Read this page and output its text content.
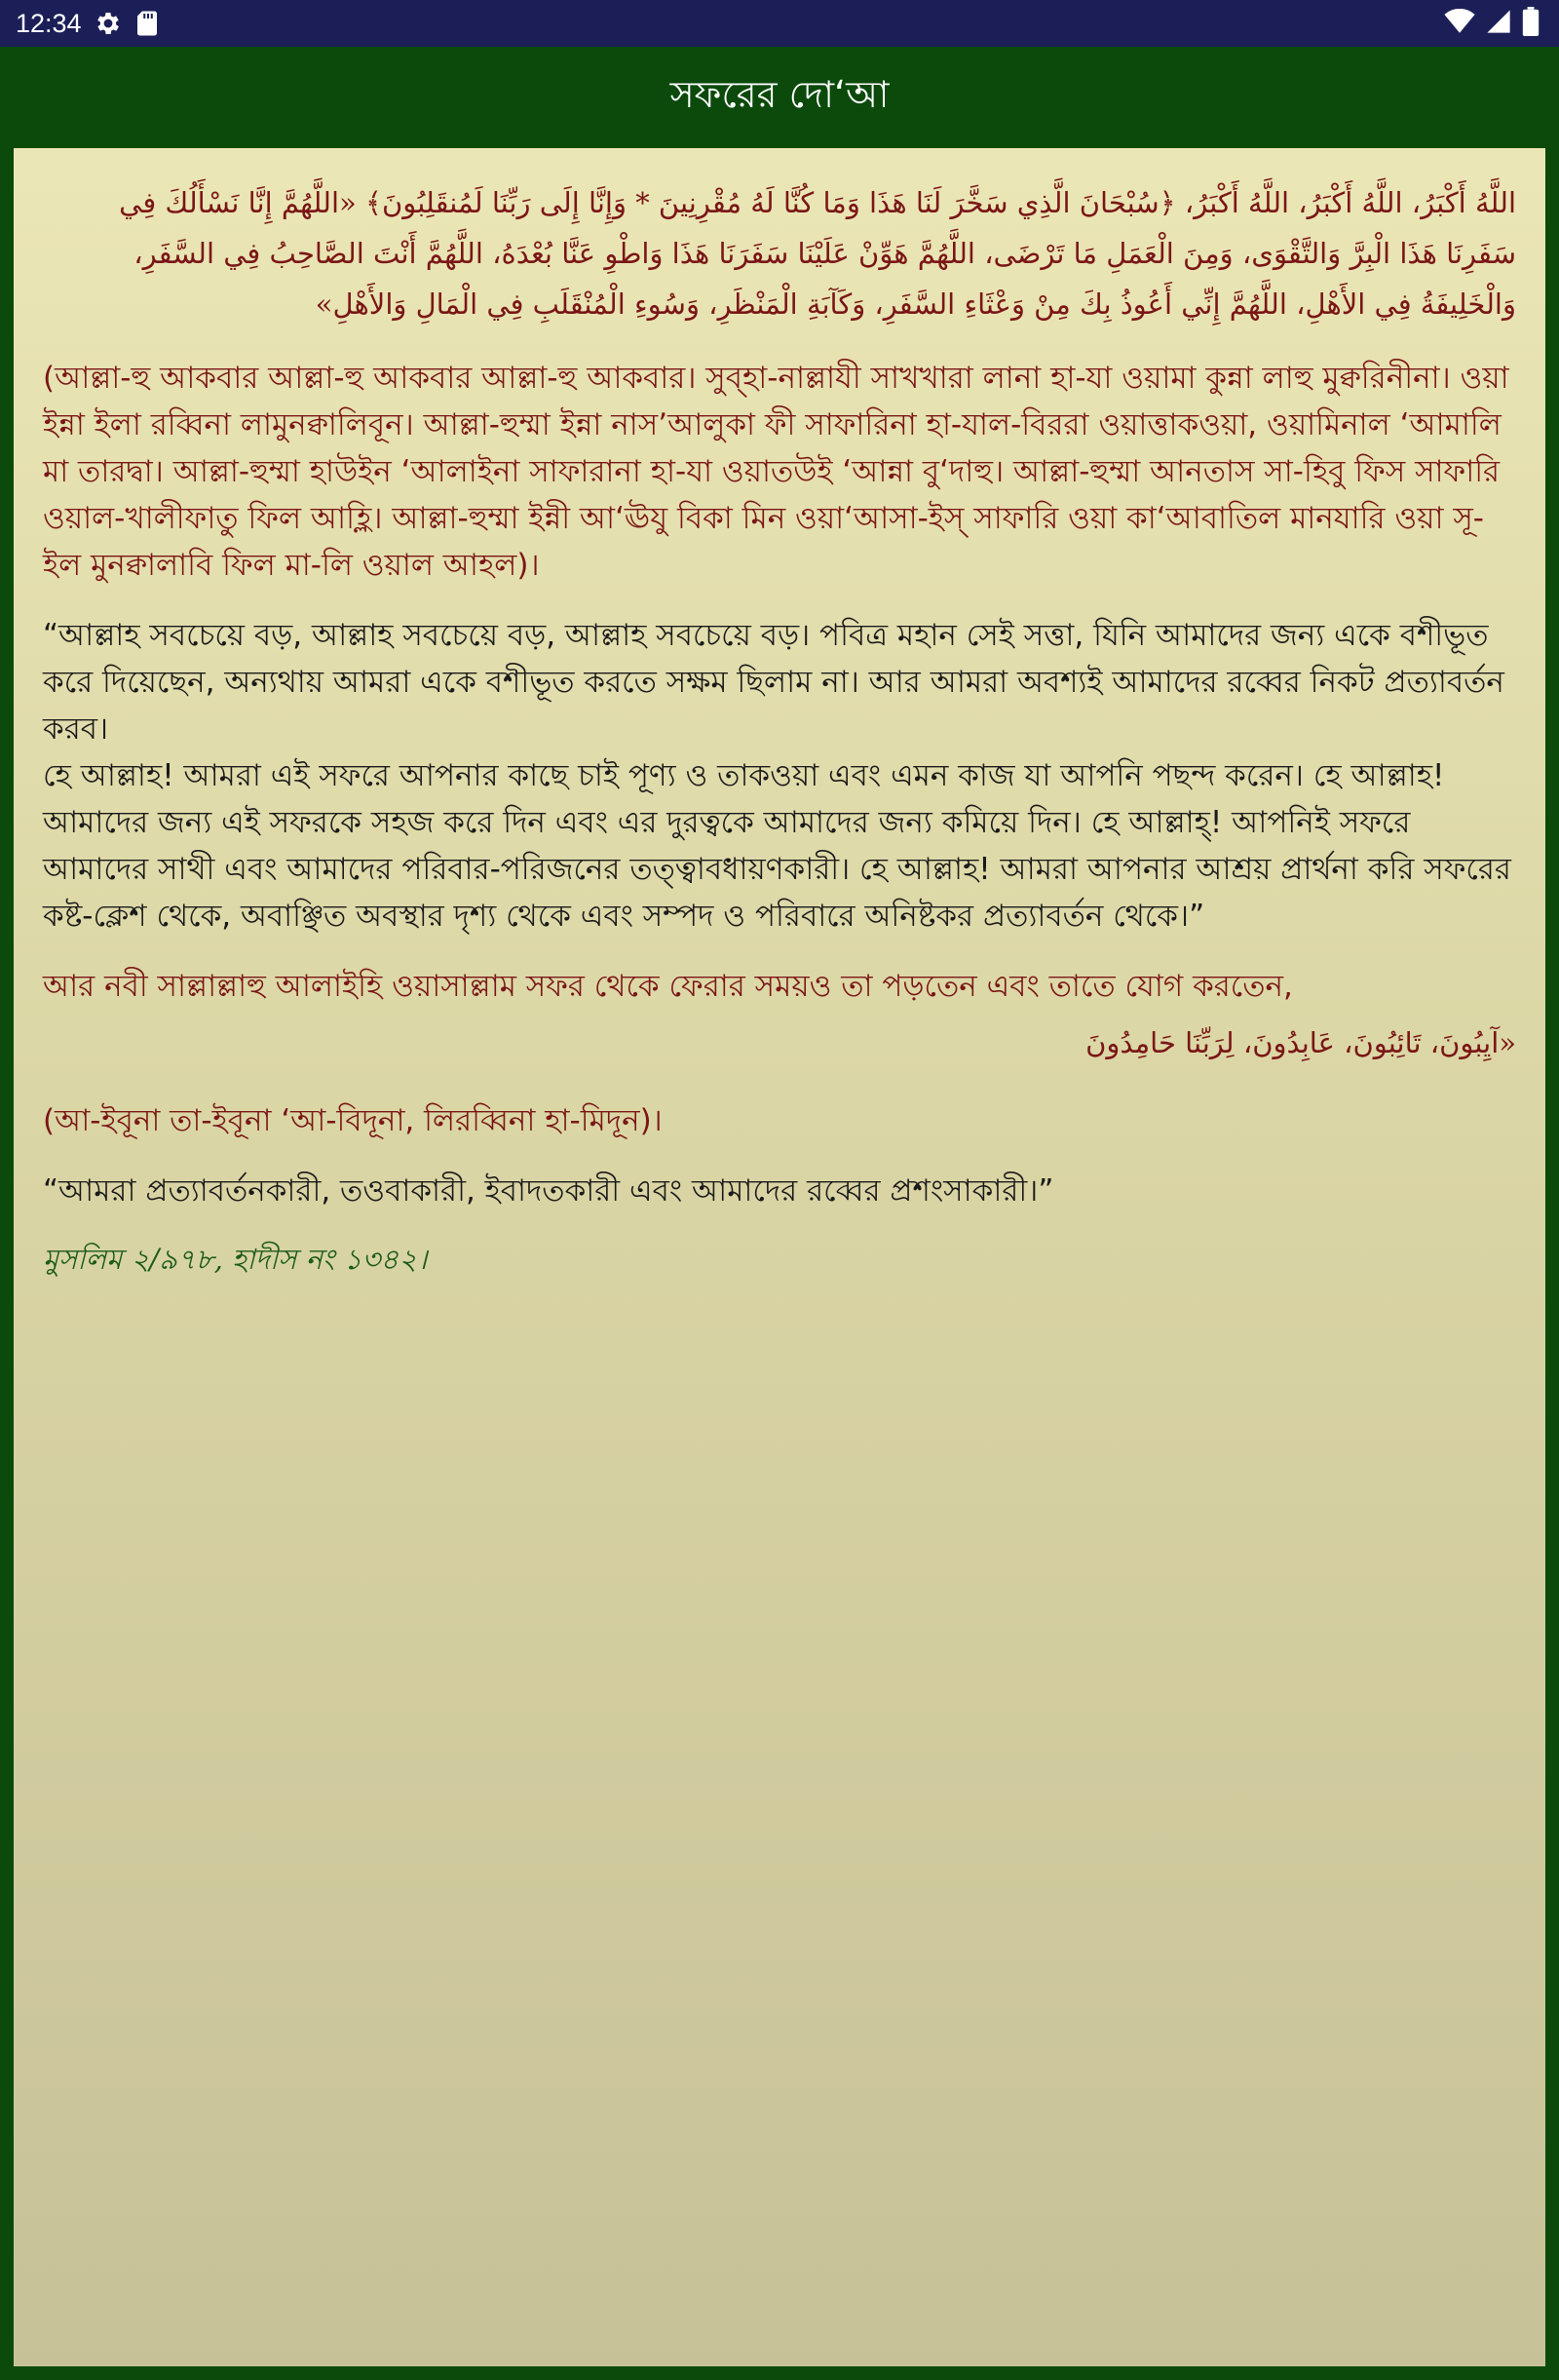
12:34
সফরের দো‘আ

اللَّهُ أَكْبَرُ، اللَّهُ أَكْبَرُ، اللَّهُ أَكْبَرُ، ﴿سُبْحَانَ الَّذِي سَخَّرَ لَنَا هَذَا وَمَا كُنَّا لَهُ مُقْرِنِينَ * وَإِنَّا إِلَى رَبِّنَا لَمُنقَلِبُونَ﴾ «اللَّهُمَّ إِنَّا نَسْأَلُكَ فِي سَفَرِنَا هَذَا الْبِرَّ وَالتَّقْوَى، وَمِنَ الْعَمَلِ مَا تَرْضَى، اللَّهُمَّ هَوِّنْ عَلَيْنَا سَفَرَنَا هَذَا وَاطْوِ عَنَّا بُعْدَهُ، اللَّهُمَّ أَنْتَ الصَّاحِبُ فِي السَّفَرِ، وَالْخَلِيفَةُ فِي الأَهْلِ، اللَّهُمَّ إِنِّي أَعُوذُ بِكَ مِنْ وَعْثَاءِ السَّفَرِ، وَكَآبَةِ الْمَنْظَرِ، وَسُوءِ الْمُنْقَلَبِ فِي الْمَالِ وَالأَهْلِ»

(আল্লা-হু আকবার আল্লা-হু আকবার আল্লা-হু আকবার। সুব্হা-নাল্লাযী সাখখারা লানা হা-যা ওয়ামা কুন্না লাহু মুক্বরিনীনা। ওয়া ইন্না ইলা রব্বিনা লামুনক্বালিবূন। আল্লা-হুম্মা ইন্না নাস’আলুকা ফী সাফারিনা হা-যাল-বিররা ওয়াত্তাকওয়া, ওয়ামিনাল ‘আমালি মা তারদ্বা। আল্লা-হুম্মা হাউইন ‘আলাইনা সাফারানা হা-যা ওয়াতউই ‘আন্না বু‘দাহু। আল্লা-হুম্মা আনতাস সা-হিবু ফিস সাফারি ওয়াল-খালীফাতু ফিল আহ্লি। আল্লা-হুম্মা ইন্নী আ‘ঊযু বিকা মিন ওয়া‘আসা-ইস্ সাফারি ওয়া কা‘আবাতিল মানযারি ওয়া সূ-ইল মুনক্বালাবি ফিল মা-লি ওয়াল আহল)।

“আল্লাহ সবচেয়ে বড়, আল্লাহ সবচেয়ে বড়, আল্লাহ সবচেয়ে বড়। পবিত্র মহান সেই সত্তা, যিনি আমাদের জন্য একে বশীভূত করে দিয়েছেন, অন্যথায় আমরা একে বশীভূত করতে সক্ষম ছিলাম না। আর আমরা অবশ্যই আমাদের রব্বের নিকট প্রত্যাবর্তন করব।
হে আল্লাহ! আমরা এই সফরে আপনার কাছে চাই পূণ্য ও তাকওয়া এবং এমন কাজ যা আপনি পছন্দ করেন। হে আল্লাহ! আমাদের জন্য এই সফরকে সহজ করে দিন এবং এর দুরত্বকে আমাদের জন্য কমিয়ে দিন। হে আল্লাহ্! আপনিই সফরে আমাদের সাথী এবং আমাদের পরিবার-পরিজনের তত্ত্বাবধায়ণকারী। হে আল্লাহ! আমরা আপনার আশ্রয় প্রার্থনা করি সফরের কষ্ট-ক্লেশ থেকে, অবাঞ্ছিত অবস্থার দৃশ্য থেকে এবং সম্পদ ও পরিবারে অনিষ্টকর প্রত্যাবর্তন থেকে।”

আর নবী সাল্লাল্লাহু আলাইহি ওয়াসাল্লাম সফর থেকে ফেরার সময়ও তা পড়তেন এবং তাতে যোগ করতেন,

«آيِبُونَ، تَائِبُونَ، عَابِدُونَ، لِرَبِّنَا حَامِدُونَ

(আ-ইবূনা তা-ইবূনা ‘আ-বিদূনা, লিরব্বিনা হা-মিদূন)।

“আমরা প্রত্যাবর্তনকারী, তওবাকারী, ইবাদতকারী এবং আমাদের রব্বের প্রশংসাকারী।”

মুসলিম ২/৯৭৮, হাদীস নং ১৩৪২।
